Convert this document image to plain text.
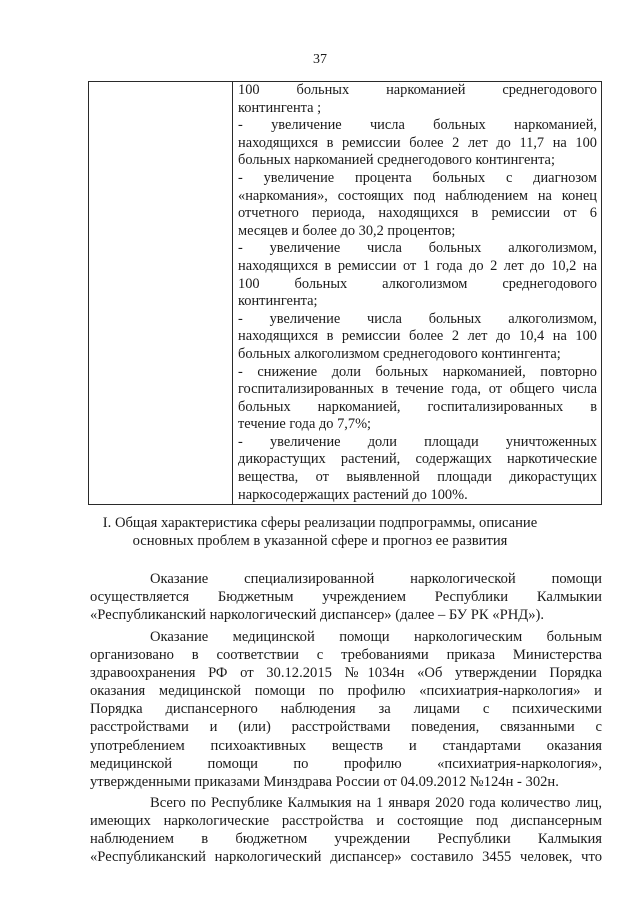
37

100 больных наркоманией среднегодового
контингента ;
- увеличение числа больных наркоманией,
находящихся в ремиссии более 2 лет до 11,7 на 100
больных наркоманией среднегодового контингента;
- увеличение процента больных с диагнозом
«наркомания», состоящих под наблюдением на конец
отчетного периода, находящихся в ремиссии от 6
месяцев и более до 30,2 процентов;
- увеличение числа больных алкоголизмом,
находящихся в ремиссии от 1 года до 2 лет до 10,2 на
100 больных алкоголизмом среднегодового
контингента;
- увеличение числа больных алкоголизмом,
находящихся в ремиссии более 2 лет до 10,4 на 100
больных алкоголизмом среднегодового контингента;
- снижение доли больных наркоманией, повторно
госпитализированных в течение года, от общего числа
больных наркоманией, госпитализированных в
течение года до 7,7%;
- увеличение доли площади уничтоженных
дикорастущих растений, содержащих наркотические
вещества, от выявленной площади дикорастущих
наркосодержащих растений до 100%.
I. Общая характеристика сферы реализации подпрограммы, описание
основных проблем в указанной сфере и прогноз ее развития
Оказание специализированной наркологической помощи
осуществляется Бюджетным учреждением Республики Калмыкии
«Республиканский наркологический диспансер» (далее – БУ РК «РНД»).
Оказание медицинской помощи наркологическим больным
организовано в соответствии с требованиями приказа Министерства
здравоохранения РФ от 30.12.2015 №1034н «Об утверждении Порядка
оказания медицинской помощи по профилю «психиатрия-наркология» и
Порядка диспансерного наблюдения за лицами с психическими
расстройствами и (или) расстройствами поведения, связанными с
употреблением психоактивных веществ и стандартами оказания
медицинской помощи по профилю «психиатрия-наркология»,
утвержденными приказами Минздрава России от 04.09.2012 №124н - 302н.
Всего по Республике Калмыкия на 1 января 2020 года количество лиц,
имеющих наркологические расстройства и состоящие под диспансерным
наблюдением в бюджетном учреждении Республики Калмыкия
«Республиканский наркологический диспансер» составило 3455 человек, что
